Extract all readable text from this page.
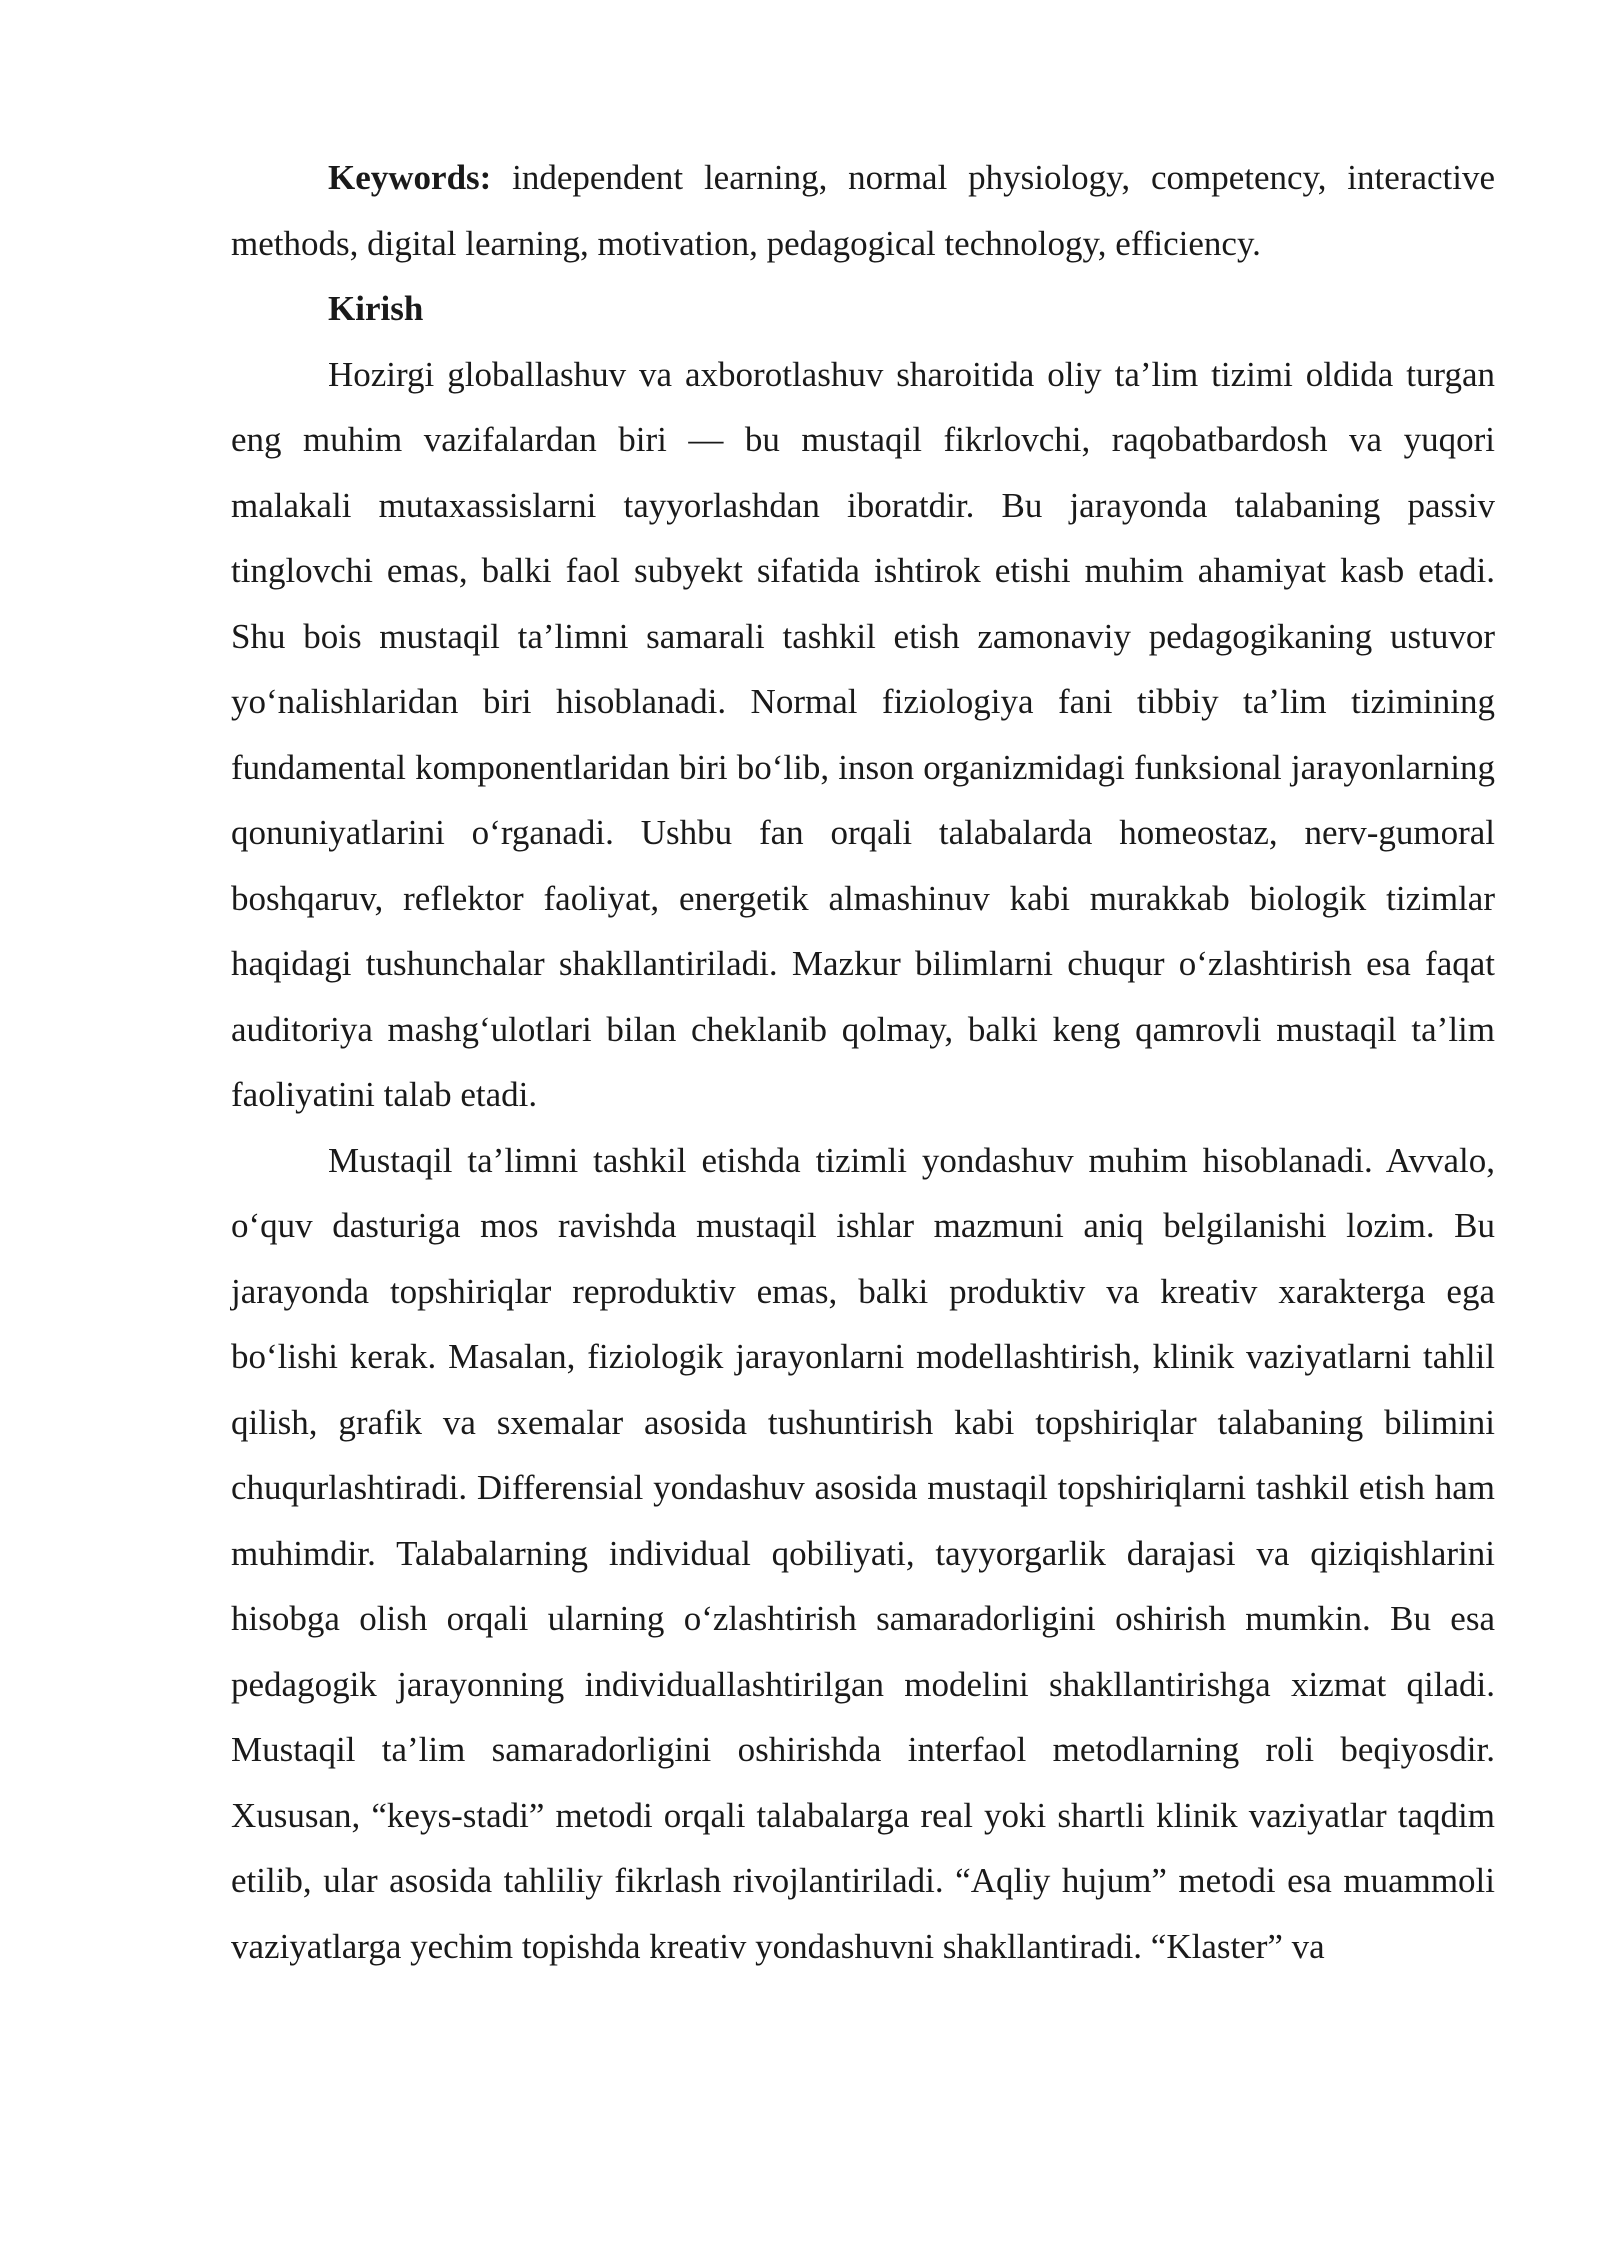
Keywords: independent learning, normal physiology, competency, interactive methods, digital learning, motivation, pedagogical technology, efficiency.

Kirish

Hozirgi globallashuv va axborotlashuv sharoitida oliy ta’lim tizimi oldida turgan eng muhim vazifalardan biri — bu mustaqil fikrlovchi, raqobatbardosh va yuqori malakali mutaxassislarni tayyorlashdan iboratdir. Bu jarayonda talabaning passiv tinglovchi emas, balki faol subyekt sifatida ishtirok etishi muhim ahamiyat kasb etadi. Shu bois mustaqil ta’limni samarali tashkil etish zamonaviy pedagogikaning ustuvor yo‘nalishlaridan biri hisoblanadi. Normal fiziologiya fani tibbiy ta’lim tizimining fundamental komponentlaridan biri bo‘lib, inson organizmidagi funksional jarayonlarning qonuniyatlarini o‘rganadi. Ushbu fan orqali talabalarda homeostaz, nerv-gumoral boshqaruv, reflektor faoliyat, energetik almashinuv kabi murakkab biologik tizimlar haqidagi tushunchalar shakllantiriladi. Mazkur bilimlarni chuqur o‘zlashtirish esa faqat auditoriya mashg‘ulotlari bilan cheklanib qolmay, balki keng qamrovli mustaqil ta’lim faoliyatini talab etadi.

Mustaqil ta’limni tashkil etishda tizimli yondashuv muhim hisoblanadi. Avvalo, o‘quv dasturiga mos ravishda mustaqil ishlar mazmuni aniq belgilanishi lozim. Bu jarayonda topshiriqlar reproduktiv emas, balki produktiv va kreativ xarakterga ega bo‘lishi kerak. Masalan, fiziologik jarayonlarni modellashtirish, klinik vaziyatlarni tahlil qilish, grafik va sxemalar asosida tushuntirish kabi topshiriqlar talabaning bilimini chuqurlashtiradi. Differensial yondashuv asosida mustaqil topshiriqlarni tashkil etish ham muhimdir. Talabalarning individual qobiliyati, tayyorgarlik darajasi va qiziqishlarini hisobga olish orqali ularning o‘zlashtirish samaradorligini oshirish mumkin. Bu esa pedagogik jarayonning individuallashtirilgan modelini shakllantirishga xizmat qiladi. Mustaqil ta’lim samaradorligini oshirishda interfaol metodlarning roli beqiyosdir. Xususan, “keys-stadi” metodi orqali talabalarga real yoki shartli klinik vaziyatlar taqdim etilib, ular asosida tahliliy fikrlash rivojlantiriladi. “Aqliy hujum” metodi esa muammoli vaziyatlarga yechim topishda kreativ yondashuvni shakllantiradi. “Klaster” va
